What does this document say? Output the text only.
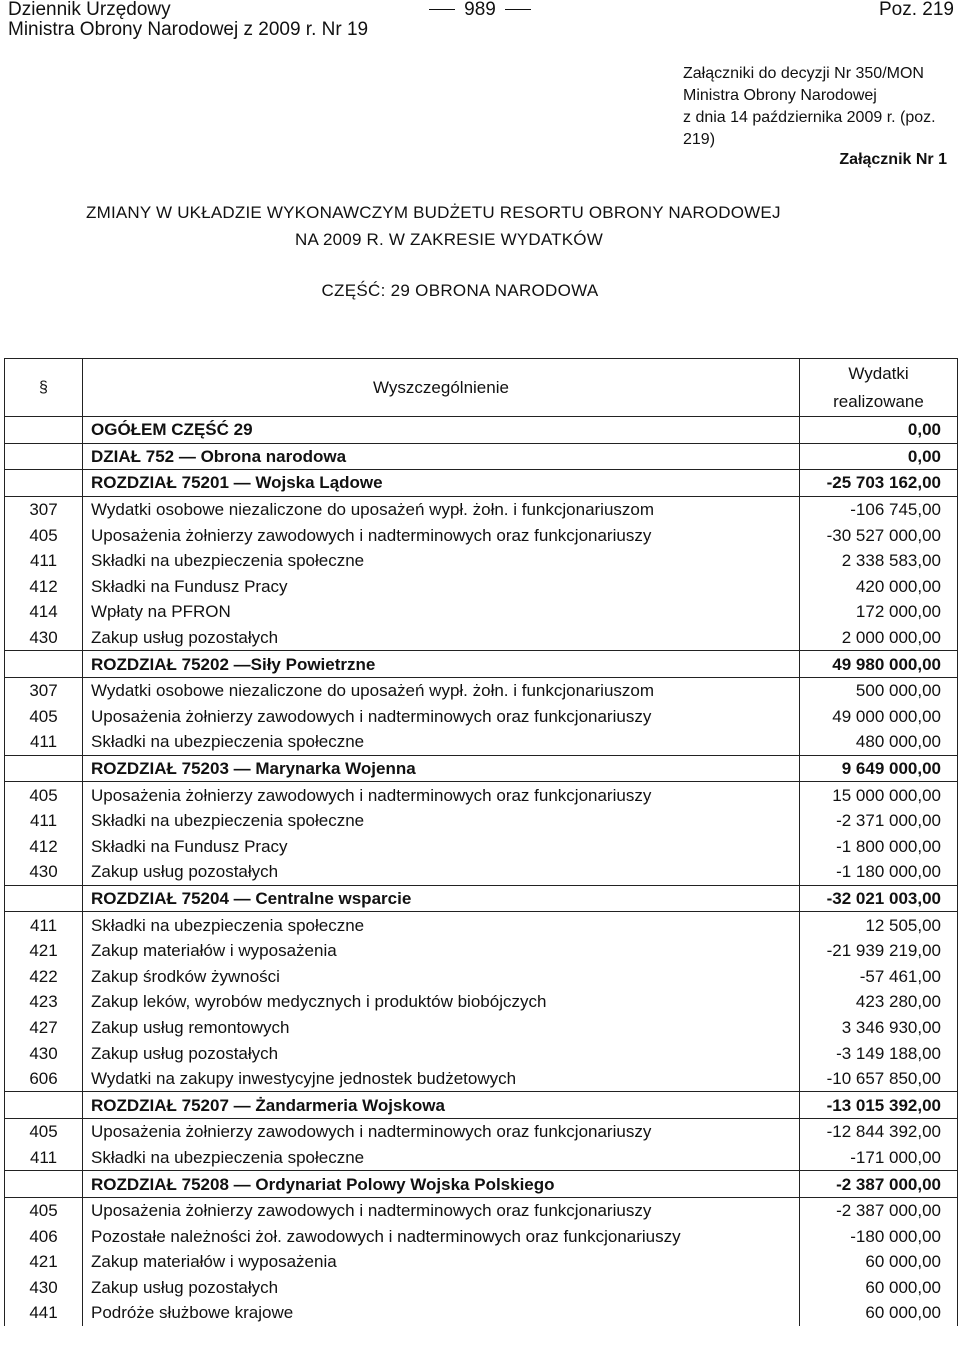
Dziennik Urzędowy
Ministra Obrony Narodowej z 2009 r. Nr 19
989	Poz. 219
Załączniki do decyzji Nr 350/MON
Ministra Obrony Narodowej
z dnia 14 października 2009 r. (poz. 219)
Załącznik Nr 1
ZMIANY W UKŁADZIE WYKONAWCZYM BUDŻETU RESORTU OBRONY NARODOWEJ
NA 2009 R. W ZAKRESIE WYDATKÓW
CZĘŚĆ: 29 OBRONA NARODOWA
§	Wyszczególnienie	Wydatki
realizowane

	OGÓŁEM CZĘŚĆ 29	0,00
	DZIAŁ 752 — Obrona narodowa	0,00
	ROZDZIAŁ 75201 — Wojska Lądowe	-25 703 162,00
307	Wydatki osobowe niezaliczone do uposażeń wypł. żołn. i funkcjonariuszom	-106 745,00
405	Uposażenia żołnierzy zawodowych i nadterminowych oraz funkcjonariuszy	-30 527 000,00
411	Składki na ubezpieczenia społeczne	2 338 583,00
412	Składki na Fundusz Pracy	420 000,00
414	Wpłaty na PFRON	172 000,00
430	Zakup usług pozostałych	2 000 000,00
	ROZDZIAŁ 75202 —Siły Powietrzne	49 980 000,00
307	Wydatki osobowe niezaliczone do uposażeń wypł. żołn. i funkcjonariuszom	500 000,00
405	Uposażenia żołnierzy zawodowych i nadterminowych oraz funkcjonariuszy	49 000 000,00
411	Składki na ubezpieczenia społeczne	480 000,00
	ROZDZIAŁ 75203 — Marynarka Wojenna	9 649 000,00
405	Uposażenia żołnierzy zawodowych i nadterminowych oraz funkcjonariuszy	15 000 000,00
411	Składki na ubezpieczenia społeczne	-2 371 000,00
412	Składki na Fundusz Pracy	-1 800 000,00
430	Zakup usług pozostałych	-1 180 000,00
	ROZDZIAŁ 75204 — Centralne wsparcie	-32 021 003,00
411	Składki na ubezpieczenia społeczne	12 505,00
421	Zakup materiałów i wyposażenia	-21 939 219,00
422	Zakup środków żywności	-57 461,00
423	Zakup leków, wyrobów medycznych i produktów biobójczych	423 280,00
427	Zakup usług remontowych	3 346 930,00
430	Zakup usług pozostałych	-3 149 188,00
606	Wydatki na zakupy inwestycyjne jednostek budżetowych	-10 657 850,00
	ROZDZIAŁ 75207 — Żandarmeria Wojskowa	-13 015 392,00
405	Uposażenia żołnierzy zawodowych i nadterminowych oraz funkcjonariuszy	-12 844 392,00
411	Składki na ubezpieczenia społeczne	-171 000,00
	ROZDZIAŁ 75208 — Ordynariat Polowy Wojska Polskiego	-2 387 000,00
405	Uposażenia żołnierzy zawodowych i nadterminowych oraz funkcjonariuszy	-2 387 000,00
406	Pozostałe należności żoł. zawodowych i nadterminowych oraz funkcjonariuszy	-180 000,00
421	Zakup materiałów i wyposażenia	60 000,00
430	Zakup usług pozostałych	60 000,00
441	Podróże służbowe krajowe	60 000,00
